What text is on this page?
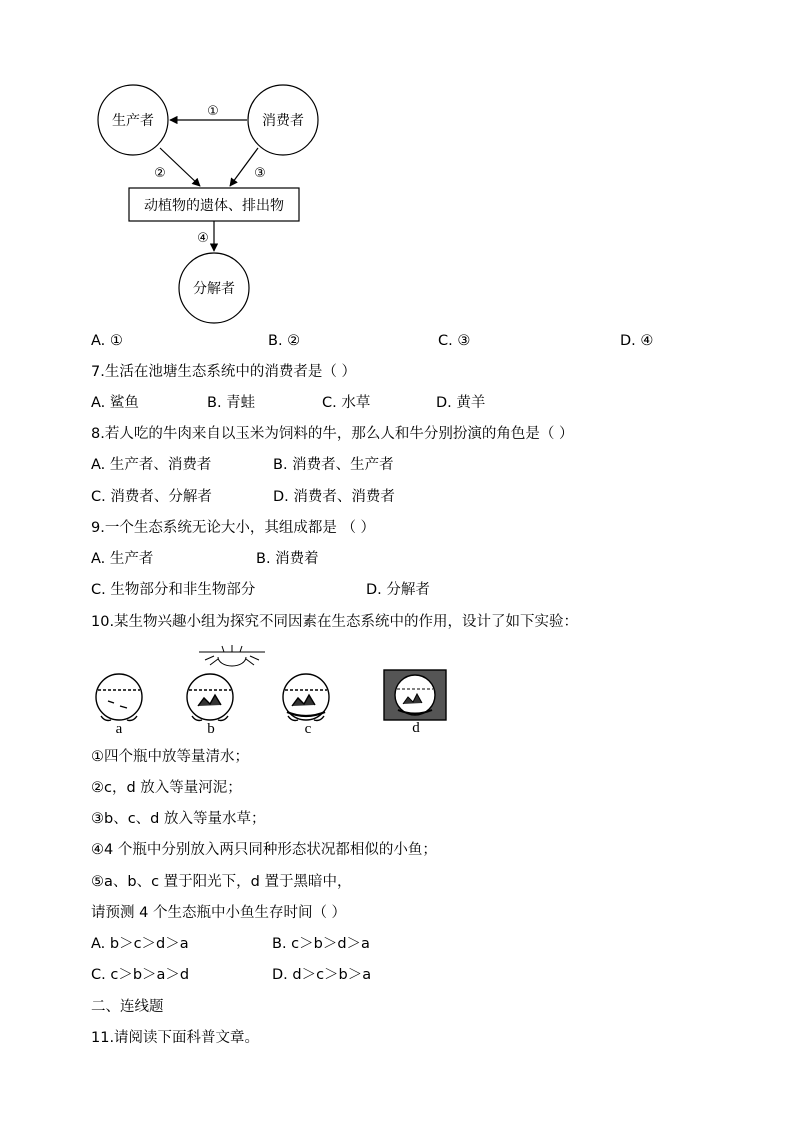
生产者	消费者
①
②	③
动植物的遗体、排出物
④
分解者
A. ①	B. ②	C. ③	D. ④
7.生活在池塘生态系统中的消费者是（ ）
A. 鲨鱼	B. 青蛙	C. 水草	D. 黄羊
8.若人吃的牛肉来自以玉米为饲料的牛，那么人和牛分别扮演的角色是（ ）
A. 生产者、消费者	B. 消费者、生产者
C. 消费者、分解者	D. 消费者、消费者
9.一个生态系统无论大小，其组成都是 （ ）
A. 生产者	B. 消费着
C. 生物部分和非生物部分	D. 分解者
10.某生物兴趣小组为探究不同因素在生态系统中的作用，设计了如下实验：
a	b	c	d
①四个瓶中放等量清水；
②c，d 放入等量河泥；
③b、c、d 放入等量水草；
④4 个瓶中分别放入两只同种形态状况都相似的小鱼；
⑤a、b、c 置于阳光下，d 置于黑暗中，
请预测 4 个生态瓶中小鱼生存时间（ ）
A. b＞c＞d＞a	B. c＞b＞d＞a
C. c＞b＞a＞d	D. d＞c＞b＞a
二、连线题
11.请阅读下面科普文章。
